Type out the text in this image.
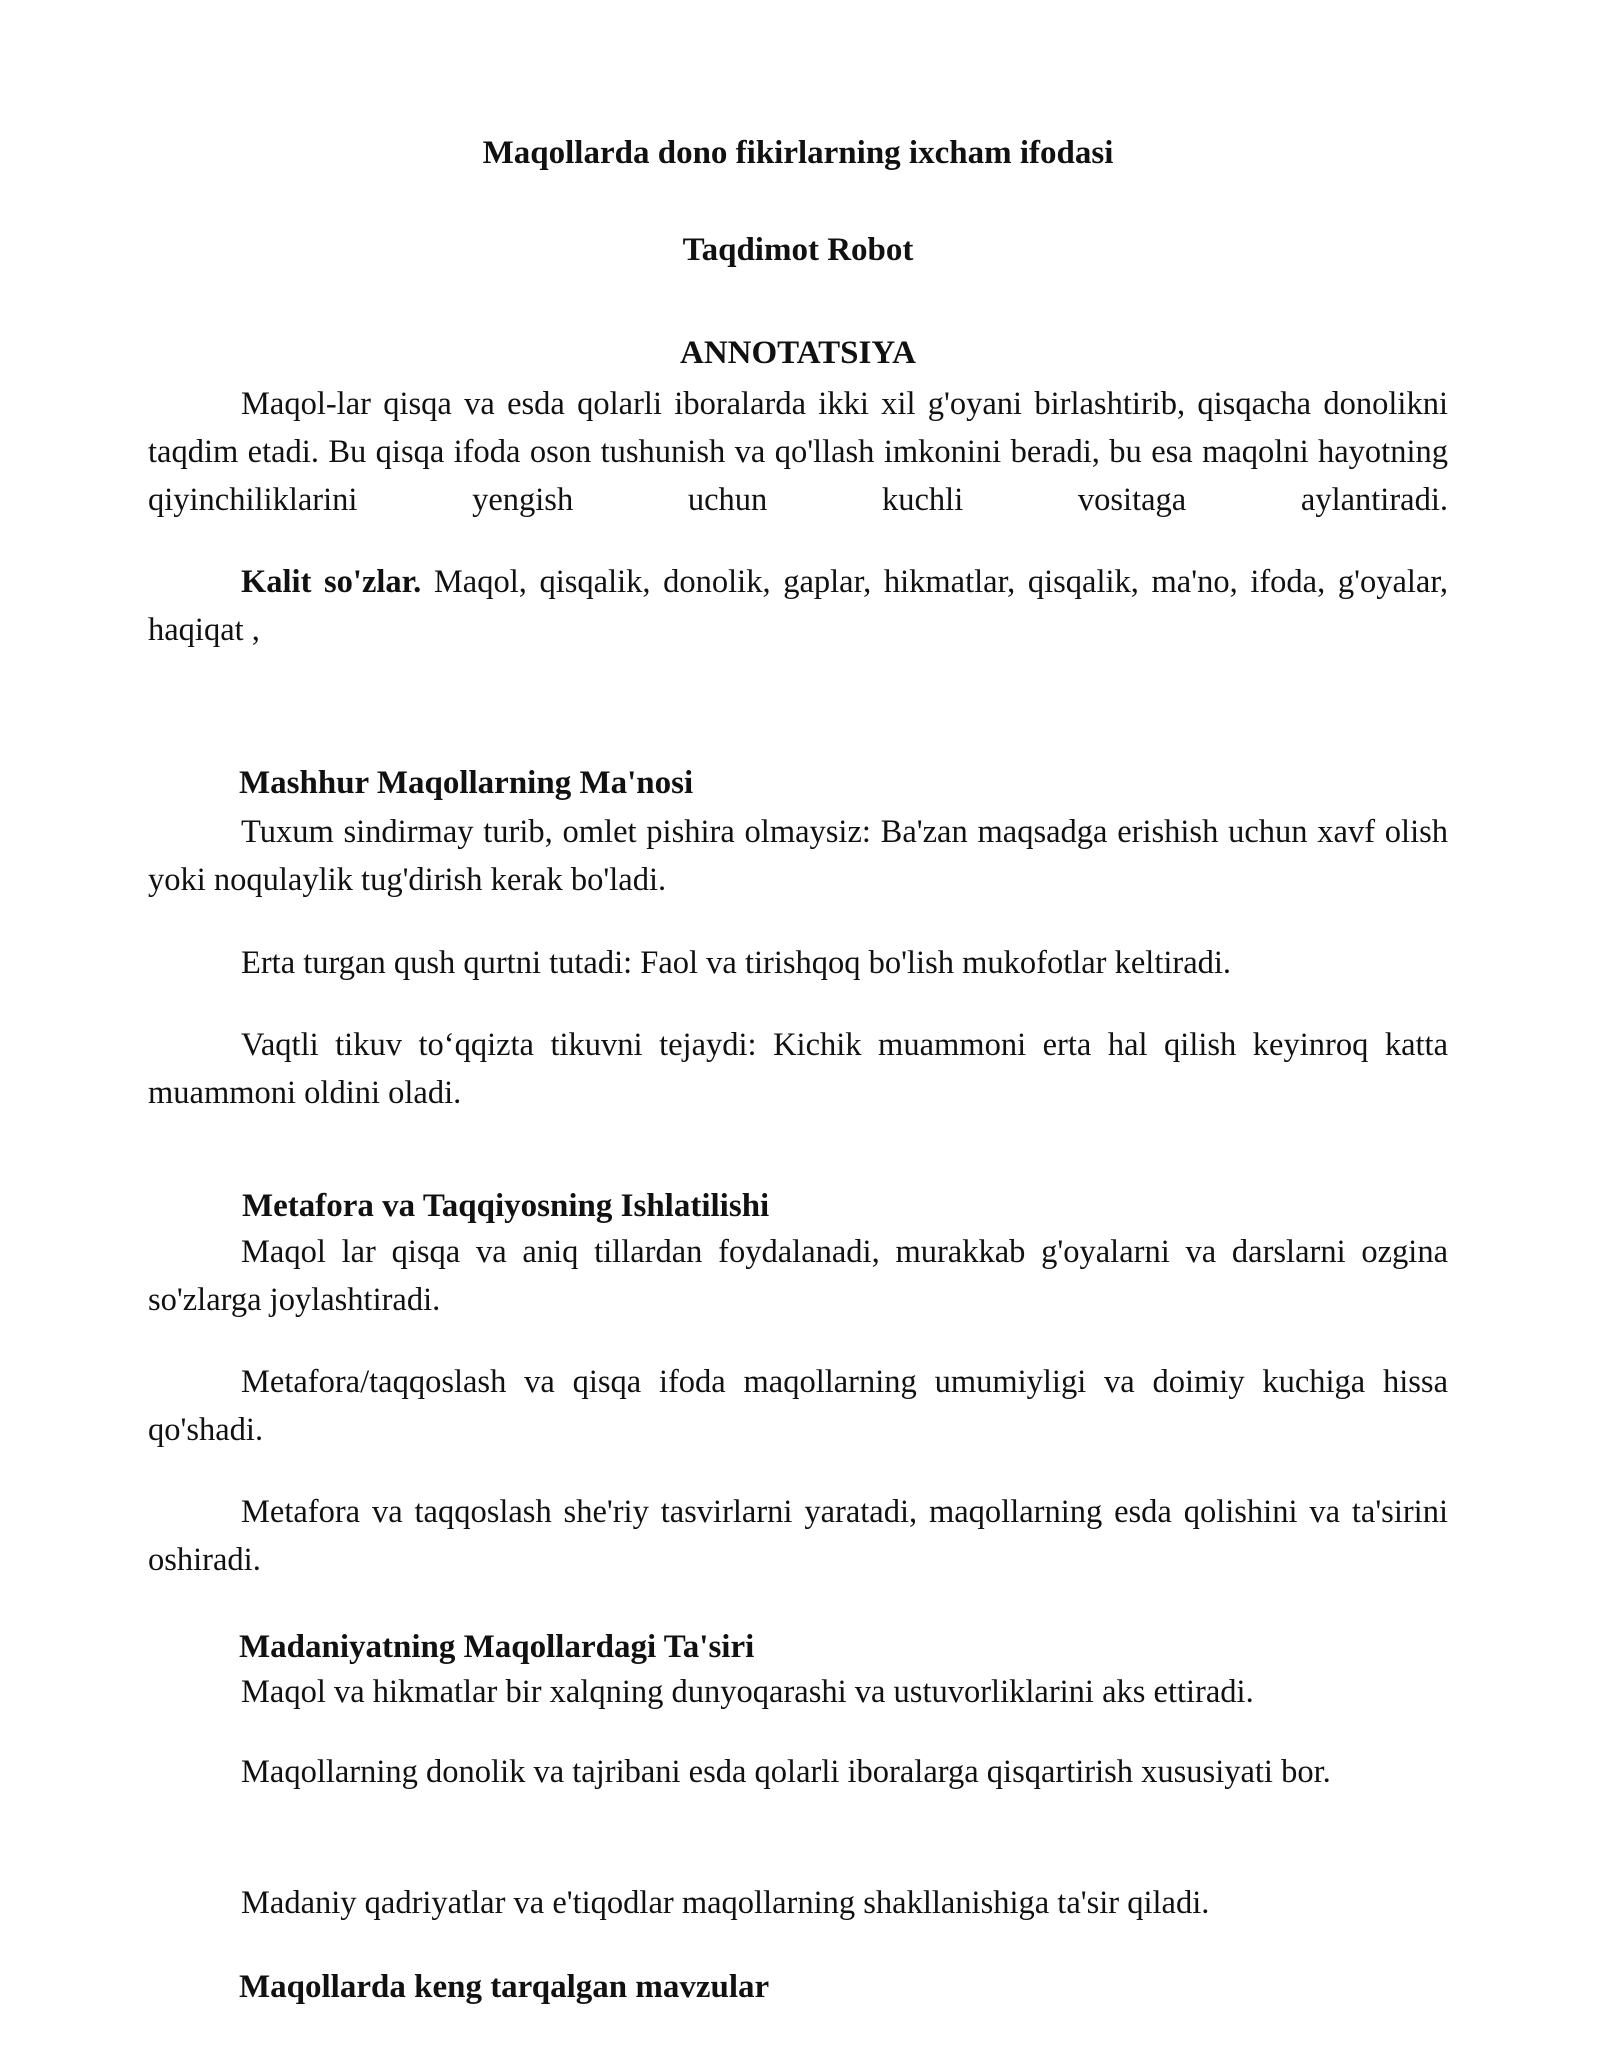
Maqollarda dono fikirlarning ixcham ifodasi
Taqdimot Robot
ANNOTATSIYA

Maqol-lar qisqa va esda qolarli iboralarda ikki xil g'oyani birlashtirib, qisqacha donolikni taqdim etadi. Bu qisqa ifoda oson tushunish va qo'llash imkonini beradi, bu esa maqolni hayotning qiyinchiliklarini yengish uchun kuchli vositaga aylantiradi.

Kalit so'zlar. Maqol, qisqalik, donolik, gaplar, hikmatlar, qisqalik, ma'no, ifoda, g'oyalar, haqiqat ,

Mashhur Maqollarning Ma'nosi

Tuxum sindirmay turib, omlet pishira olmaysiz: Ba'zan maqsadga erishish uchun xavf olish yoki noqulaylik tug'dirish kerak bo'ladi.

Erta turgan qush qurtni tutadi: Faol va tirishqoq bo'lish mukofotlar keltiradi.

Vaqtli tikuv to‘qqizta tikuvni tejaydi: Kichik muammoni erta hal qilish keyinroq katta muammoni oldini oladi.

Metafora va Taqqiyosning Ishlatilishi

Maqol lar qisqa va aniq tillardan foydalanadi, murakkab g'oyalarni va darslarni ozgina so'zlarga joylashtiradi.

Metafora/taqqoslash va qisqa ifoda maqollarning umumiyligi va doimiy kuchiga hissa qo'shadi.

Metafora va taqqoslash she'riy tasvirlarni yaratadi, maqollarning esda qolishini va ta'sirini oshiradi.

Madaniyatning Maqollardagi Ta'siri

Maqol va hikmatlar bir xalqning dunyoqarashi va ustuvorliklarini aks ettiradi.

Maqollarning donolik va tajribani esda qolarli iboralarga qisqartirish xususiyati bor.

Madaniy qadriyatlar va e'tiqodlar maqollarning shakllanishiga ta'sir qiladi.

Maqollarda keng tarqalgan mavzular
